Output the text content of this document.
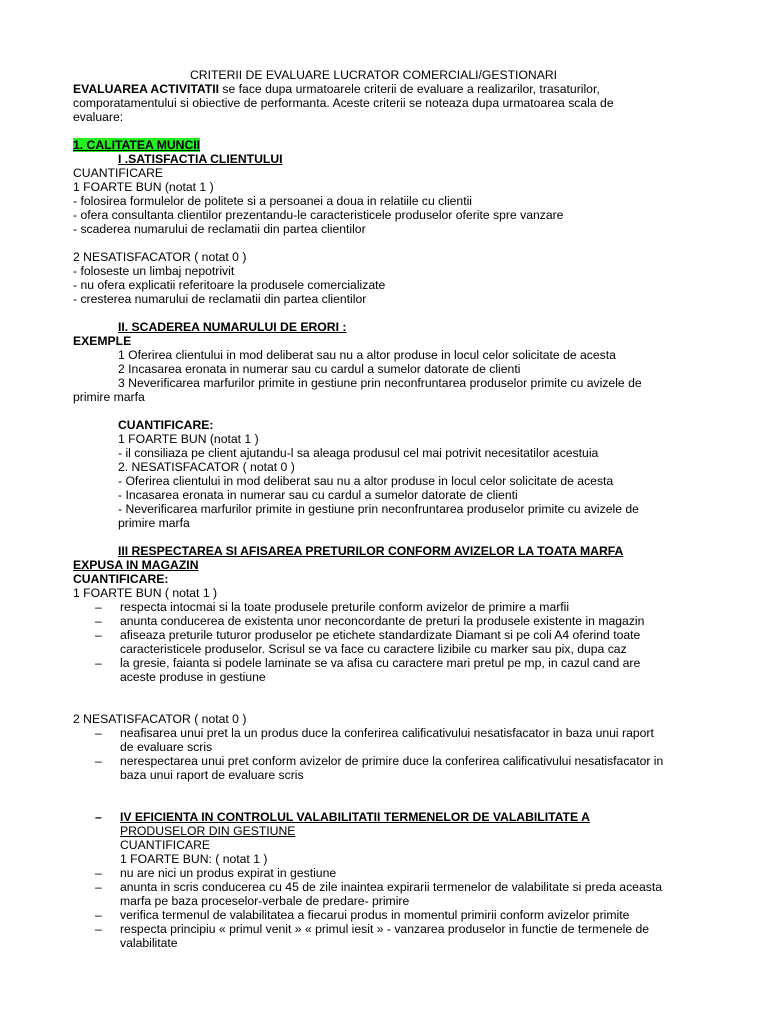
CRITERII DE EVALUARE LUCRATOR COMERCIALI/GESTIONARI
EVALUAREA ACTIVITATII se face dupa urmatoarele criterii de evaluare a realizarilor, trasaturilor,
comporatamentului si obiective de performanta. Aceste criterii se noteaza dupa urmatoarea scala de
evaluare:
1. CALITATEA MUNCII
I .SATISFACTIA CLIENTULUI
CUANTIFICARE
1 FOARTE BUN (notat 1 )
- folosirea formulelor de politete si a persoanei a doua in relatiile cu clientii
- ofera consultanta clientilor prezentandu-le caracteristicele produselor oferite spre vanzare
- scaderea numarului de reclamatii din partea clientilor
2 NESATISFACATOR ( notat 0 )
- foloseste un limbaj nepotrivit
- nu ofera explicatii referitoare la produsele comercializate
- cresterea numarului de reclamatii din partea clientilor
II. SCADEREA NUMARULUI DE ERORI :
EXEMPLE
1 Oferirea clientului in mod deliberat sau nu a altor produse in locul celor solicitate de acesta
2 Incasarea eronata in numerar sau cu cardul a sumelor datorate de clienti
3 Neverificarea marfurilor primite in gestiune prin neconfruntarea produselor primite cu avizele de
primire marfa
CUANTIFICARE:
1 FOARTE BUN (notat 1 )
- il consiliaza pe client ajutandu-l sa aleaga produsul cel mai potrivit necesitatilor acestuia
2. NESATISFACATOR ( notat 0 )
- Oferirea clientului in mod deliberat sau nu a altor produse in locul celor solicitate de acesta
- Incasarea eronata in numerar sau cu cardul a sumelor datorate de clienti
- Neverificarea marfurilor primite in gestiune prin neconfruntarea produselor primite cu avizele de
primire marfa
III RESPECTAREA SI AFISAREA PRETURILOR CONFORM AVIZELOR LA TOATA MARFA
EXPUSA IN MAGAZIN
CUANTIFICARE:
1 FOARTE BUN ( notat 1 )
– respecta intocmai si la toate produsele preturile conform avizelor de primire a marfii
– anunta conducerea de existenta unor neconcordante de preturi la produsele existente in magazin
– afiseaza preturile tuturor produselor pe etichete standardizate Diamant si pe coli A4 oferind toate
caracteristicele produselor. Scrisul se va face cu caractere lizibile cu marker sau pix, dupa caz
– la gresie, faianta si podele laminate se va afisa cu caractere mari pretul pe mp, in cazul cand are
aceste produse in gestiune
2 NESATISFACATOR ( notat 0 )
– neafisarea unui pret la un produs duce la conferirea calificativului nesatisfacator in baza unui raport
de evaluare scris
– nerespectarea unui pret conform avizelor de primire duce la conferirea calificativului nesatisfacator in
baza unui raport de evaluare scris
– IV EFICIENTA IN CONTROLUL VALABILITATII TERMENELOR DE VALABILITATE A
PRODUSELOR DIN GESTIUNE
CUANTIFICARE
1 FOARTE BUN: ( notat 1 )
– nu are nici un produs expirat in gestiune
– anunta in scris conducerea cu 45 de zile inaintea expirarii termenelor de valabilitate si preda aceasta
marfa pe baza proceselor-verbale de predare- primire
– verifica termenul de valabilitatea a fiecarui produs in momentul primirii conform avizelor primite
– respecta principiu « primul venit » « primul iesit » - vanzarea produselor in functie de termenele de
valabilitate
